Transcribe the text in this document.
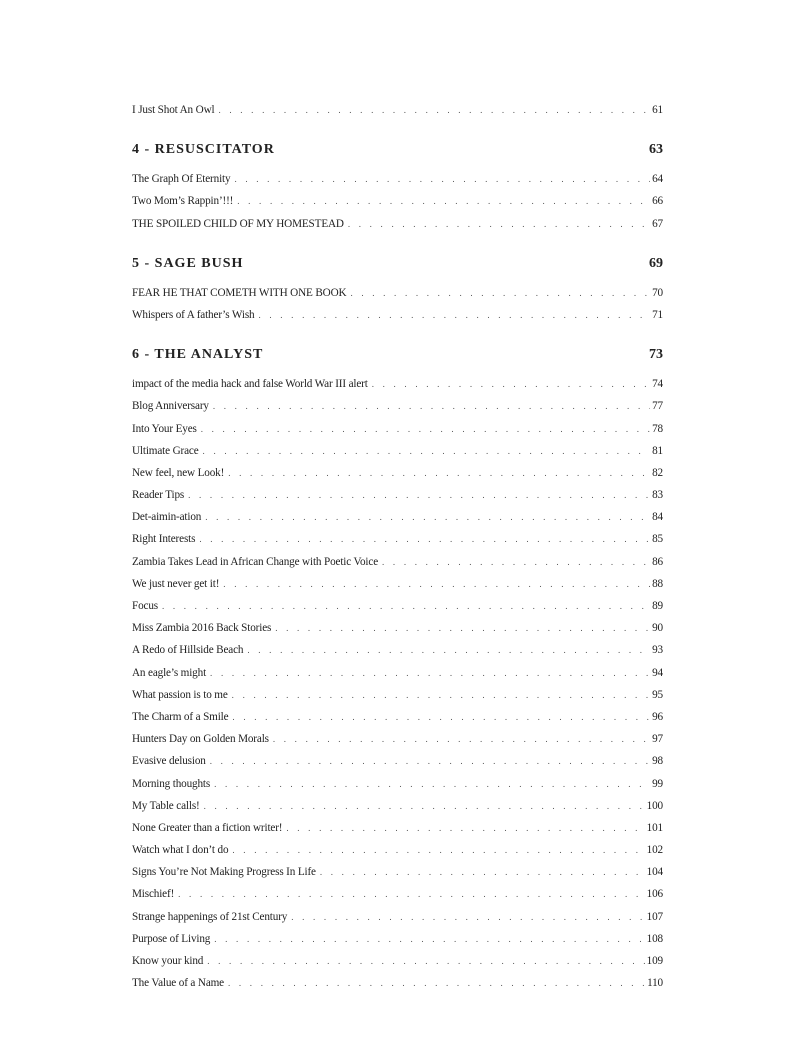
I Just Shot An Owl . . .	61
4 - RESUSCITATOR	63
The Graph Of Eternity . . .	64
Two Mom’s Rappin’!!! . . .	66
THE SPOILED CHILD OF MY HOMESTEAD . . .	67
5 - SAGE BUSH	69
FEAR HE THAT COMETH WITH ONE BOOK . . .	70
Whispers of A father’s Wish . . .	71
6 - THE ANALYST	73
impact of the media hack and false World War III alert . . .	74
Blog Anniversary . . .	77
Into Your Eyes . . .	78
Ultimate Grace . . .	81
New feel, new Look! . . .	82
Reader Tips . . .	83
Det-aimin-ation . . .	84
Right Interests . . .	85
Zambia Takes Lead in African Change with Poetic Voice . . .	86
We just never get it! . . .	88
Focus . . .	89
Miss Zambia 2016 Back Stories . . .	90
A Redo of Hillside Beach . . .	93
An eagle’s might . . .	94
What passion is to me . . .	95
The Charm of a Smile . . .	96
Hunters Day on Golden Morals . . .	97
Evasive delusion . . .	98
Morning thoughts . . .	99
My Table calls! . . .	100
None Greater than a fiction writer! . . .	101
Watch what I don’t do . . .	102
Signs You’re Not Making Progress In Life . . .	104
Mischief! . . .	106
Strange happenings of 21st Century . . .	107
Purpose of Living . . .	108
Know your kind . . .	109
The Value of a Name . . .	110
